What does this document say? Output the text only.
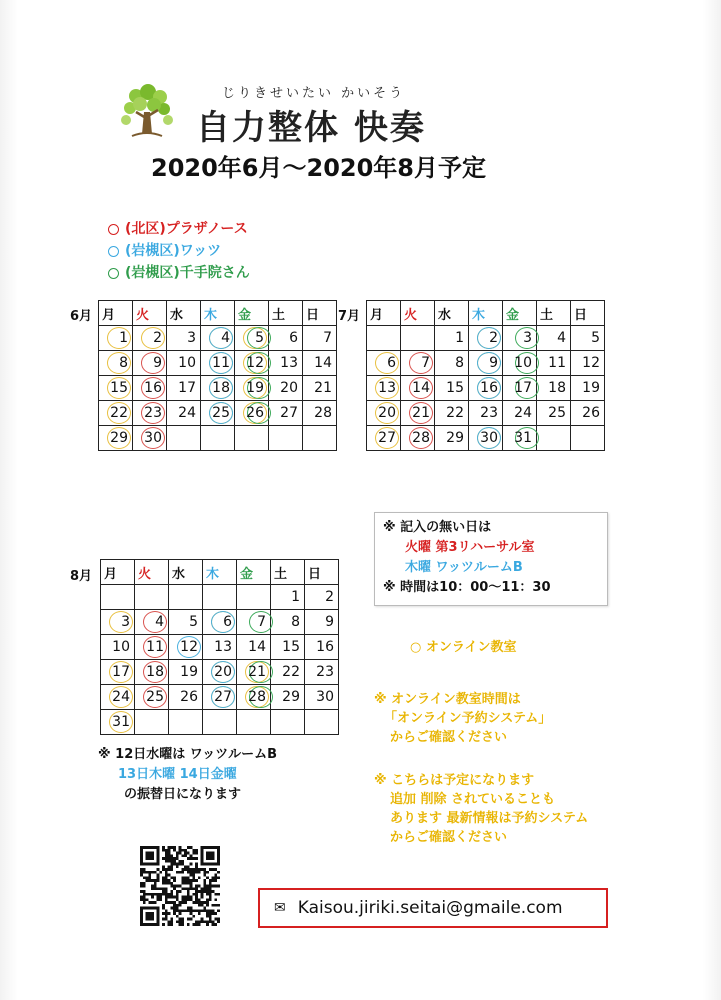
じりきせいたい かいそう
自力整体 快奏
2020年6月～2020年8月予定
(北区)プラザノース
(岩槻区)ワッツ
(岩槻区)千手院さん
6月 月	火	水	木	金	土	日

1	2	3	4	5	6	7

8	9	10	11	12	13	14

15	16	17	18	19	20	21

22	23	24	25	26	27	28

29	30					
7月 月	火	水	木	金	土	日
		1	2	3	4	5

6	7	8	9	10	11	12

13	14	15	16	17	18	19

20	21	22	23	24	25	26

27	28	29	30	31		
8月 月	火	水	木	金	土	日
					1	2

3	4	5	6	7	8	9
10	11	12	13	14	15	16

17	18	19	20	21	22	23

24	25	26	27	28	29	30

31						
※ 記入の無い日は
火曜 第3リハーサル室
木曜 ワッツルームB
※ 時間は10：00～11：30
※ 12日水曜は ワッツルームB
13日木曜 14日金曜
の振替日になります
○ オンライン教室
※ オンライン教室時間は
「オンライン予約システム」
からご確認ください
※ こちらは予定になります
追加 削除 されていることも
あります 最新情報は予約システム
からご確認ください
✉ Kaisou.jiriki.seitai@gmaile.com
